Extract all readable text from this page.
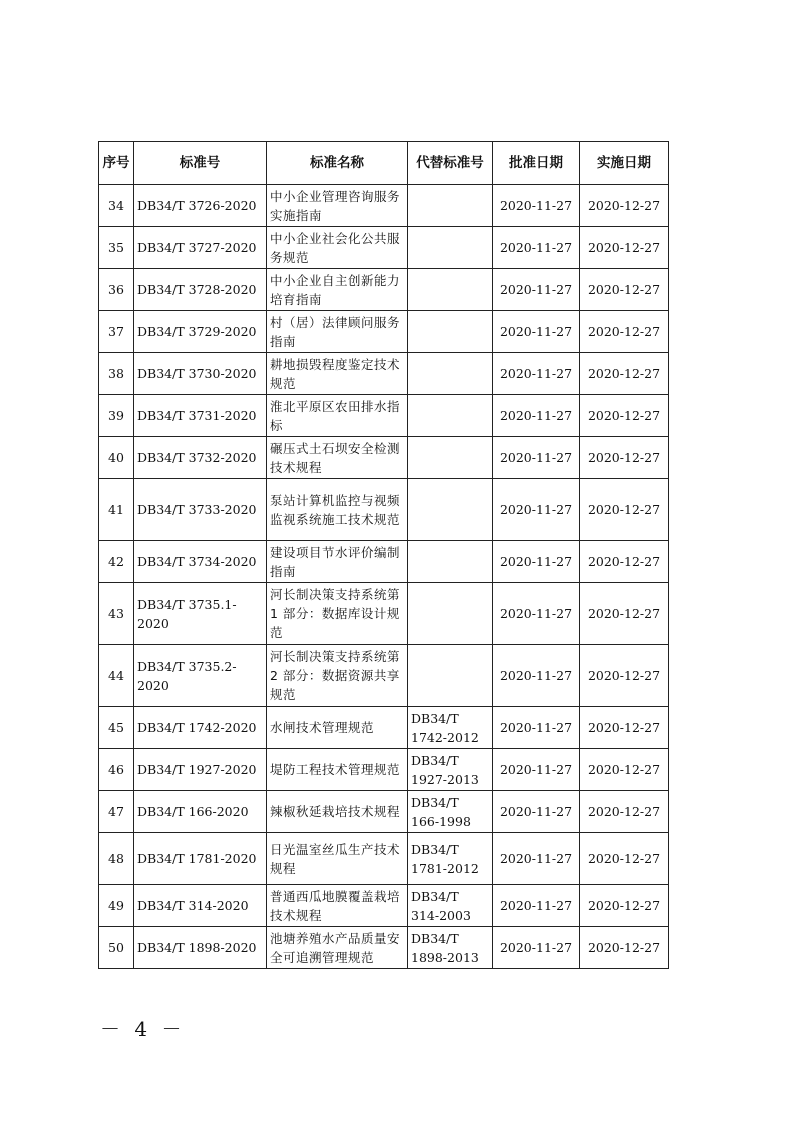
序号	标准号	标准名称	代替标准号	批准日期	实施日期
34	DB34/T 3726-2020	中小企业管理咨询服务实施指南		2020-11-27	2020-12-27
35	DB34/T 3727-2020	中小企业社会化公共服务规范		2020-11-27	2020-12-27
36	DB34/T 3728-2020	中小企业自主创新能力培育指南		2020-11-27	2020-12-27
37	DB34/T 3729-2020	村（居）法律顾问服务指南		2020-11-27	2020-12-27
38	DB34/T 3730-2020	耕地损毁程度鉴定技术规范		2020-11-27	2020-12-27
39	DB34/T 3731-2020	淮北平原区农田排水指标		2020-11-27	2020-12-27
40	DB34/T 3732-2020	碾压式土石坝安全检测技术规程		2020-11-27	2020-12-27
41	DB34/T 3733-2020	泵站计算机监控与视频监视系统施工技术规范		2020-11-27	2020-12-27
42	DB34/T 3734-2020	建设项目节水评价编制指南		2020-11-27	2020-12-27
43	DB34/T 3735.1-2020	河长制决策支持系统第 1 部分：数据库设计规范		2020-11-27	2020-12-27
44	DB34/T 3735.2-2020	河长制决策支持系统第 2 部分：数据资源共享规范		2020-11-27	2020-12-27
45	DB34/T 1742-2020	水闸技术管理规范	DB34/T 1742-2012	2020-11-27	2020-12-27
46	DB34/T 1927-2020	堤防工程技术管理规范	DB34/T 1927-2013	2020-11-27	2020-12-27
47	DB34/T 166-2020	辣椒秋延栽培技术规程	DB34/T 166-1998	2020-11-27	2020-12-27
48	DB34/T 1781-2020	日光温室丝瓜生产技术规程	DB34/T 1781-2012	2020-11-27	2020-12-27
49	DB34/T 314-2020	普通西瓜地膜覆盖栽培技术规程	DB34/T 314-2003	2020-11-27	2020-12-27
50	DB34/T 1898-2020	池塘养殖水产品质量安全可追溯管理规范	DB34/T 1898-2013	2020-11-27	2020-12-27
－ 4 －
